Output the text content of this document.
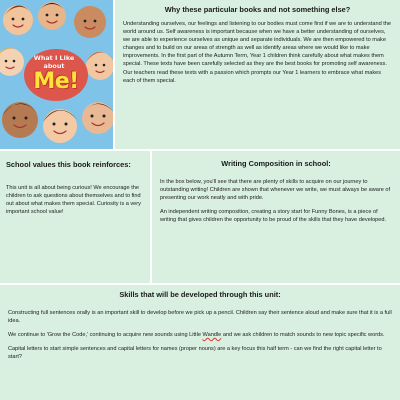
What I Like
about
Me!
Why these particular books and not something else?

Understanding ourselves, our feelings and listening to our bodies must come first if we are to understand the world around us. Self awareness is important because when we have a better understanding of ourselves, we are able to experience ourselves as unique and separate individuals. We are then empowered to make changes and to build on our areas of strength as well as identify areas where we would like to make improvements. In the first part of the Autumn Term, Year 1 children think carefully about what makes them special. These texts have been carefully selected as they are the best books for promoting self awareness. Our teachers read these texts with a passion which prompts our Year 1 learners to embrace what makes each of them special.

School values this book reinforces:

This unit is all about being curious! We encourage the children to ask questions about themselves and to find out about what makes them special. Curiosity is a very important school value!

Writing Composition in school:

In the box below, you'll see that there are plenty of skills to acquire on our journey to outstanding writing! Children are shown that whenever we write, we must always be aware of presenting our work neatly and with pride.

An independent writing composition, creating a story start for Funny Bones, is a piece of writing that gives children the opportunity to be proud of the skills that they have developed.

Skills that will be developed through this unit:

Constructing full sentences orally is an important skill to develop before we pick up a pencil. Children say their sentence aloud and make sure that it is a full idea.

We continue to 'Grow the Code,' continuing to acquire new sounds using Little Wandle and we ask children to match sounds to new topic specific words.

Capital letters to start simple sentences and capital letters for names (proper nouns) are a key focus this half term - can we find the right capital letter to start?
